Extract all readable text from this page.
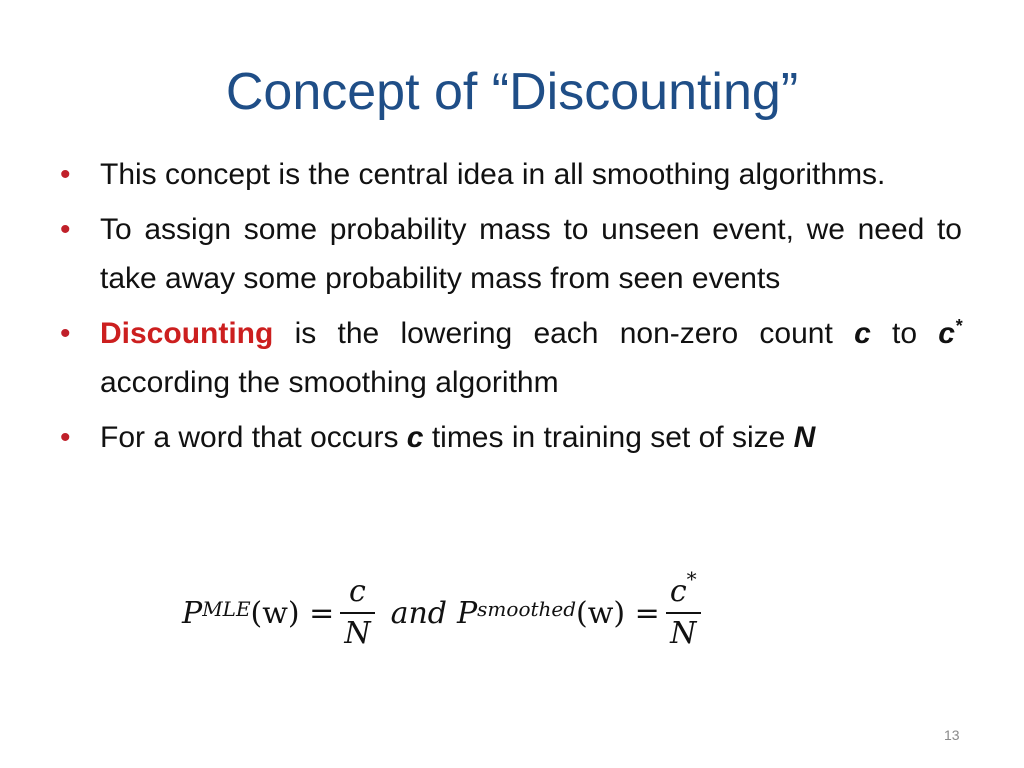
Concept of “Discounting”
• This concept is the central idea in all smoothing algorithms.
• To assign some probability mass to unseen event, we need to take away some probability mass from seen events
• Discounting is the lowering each non-zero count c to c* according the smoothing algorithm
• For a word that occurs c times in training set of size N
$P^{MLE}$ $(w) = \frac{c}{N}$ and $P^{smoothed}$ $(w) = \frac{c^*}{N}$
13
